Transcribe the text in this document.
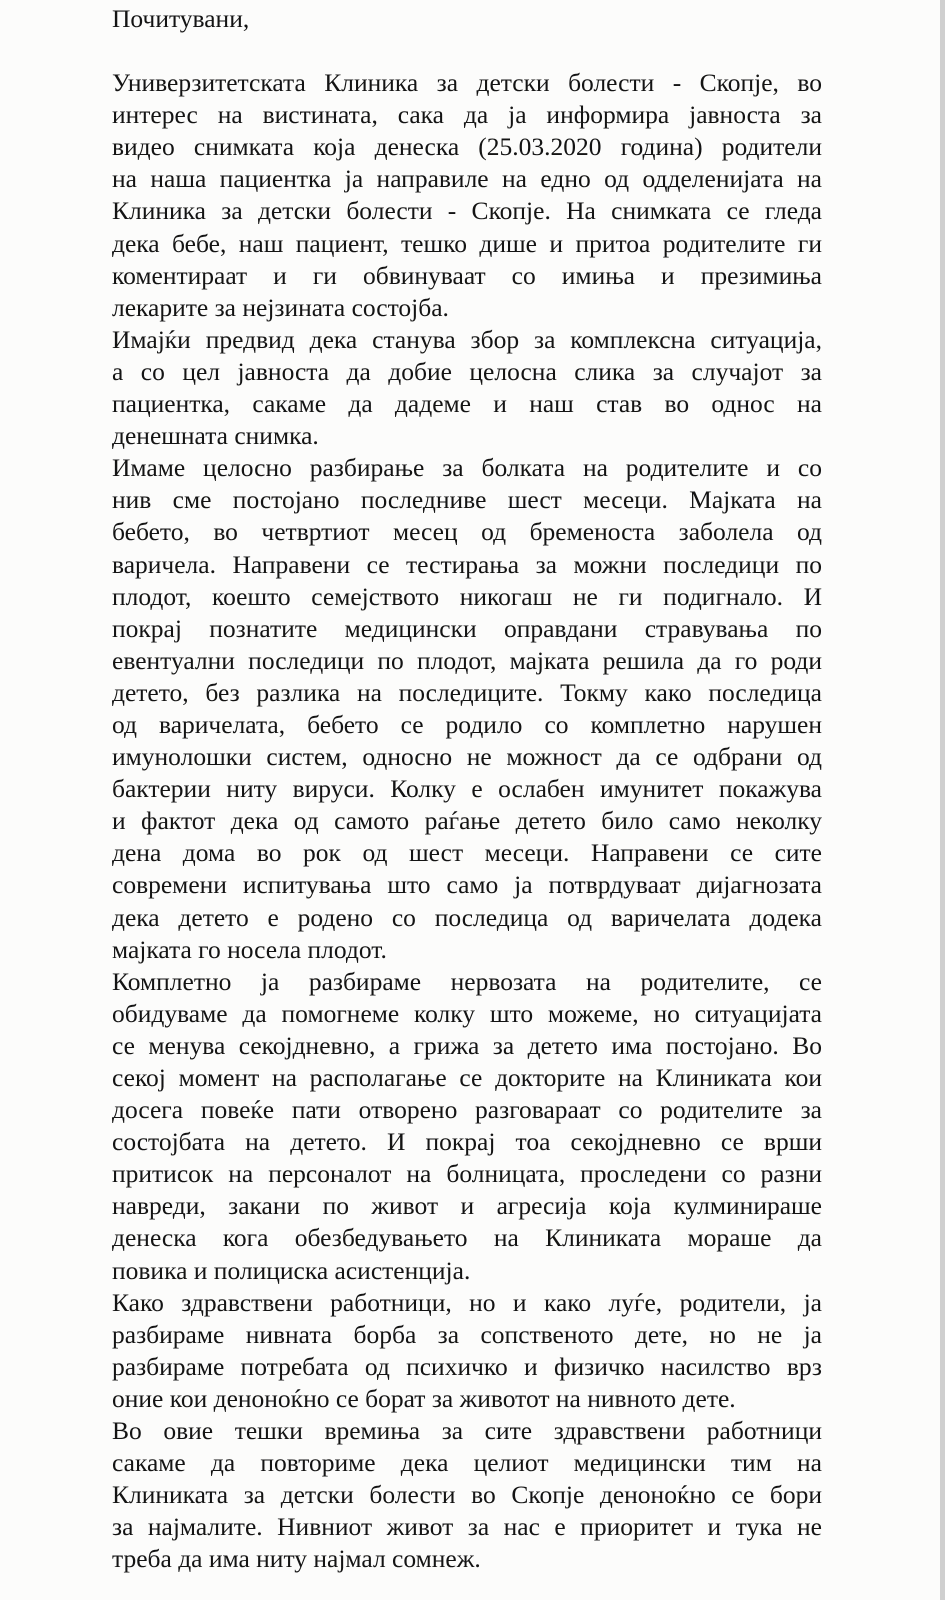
Почитувани,

Универзитетската Клиника за детски болести - Скопје, во
интерес на вистината, сака да ја информира јавноста за
видео снимката која денеска (25.03.2020 година) родители
на наша пациентка ја направиле на едно од одделенијата на
Клиника за детски болести - Скопје. На снимката се гледа
дека бебе, наш пациент, тешко дише и притоа родителите ги
коментираат и ги обвинуваат со имиња и презимиња
лекарите за нејзината состојба.
Имајќи предвид дека станува збор за комплексна ситуација,
а со цел јавноста да добие целосна слика за случајот за
пациентка, сакаме да дадеме и наш став во однос на
денешната снимка.
Имаме целосно разбирање за болката на родителите и со
нив сме постојано последниве шест месеци. Мајката на
бебето, во четвртиот месец од бременоста заболела од
варичела. Направени се тестирања за можни последици по
плодот, коешто семејството никогаш не ги подигнало. И
покрај познатите медицински оправдани стравувања по
евентуални последици по плодот, мајката решила да го роди
детето, без разлика на последиците. Токму како последица
од варичелата, бебето се родило со комплетно нарушен
имунолошки систем, односно не можност да се одбрани од
бактерии ниту вируси. Колку е ослабен имунитет покажува
и фактот дека од самото раѓање детето било само неколку
дена дома во рок од шест месеци. Направени се сите
современи испитувања што само ја потврдуваат дијагнозата
дека детето е родено со последица од варичелата додека
мајката го носела плодот.
Комплетно ја разбираме нервозата на родителите, се
обидуваме да помогнеме колку што можеме, но ситуацијата
се менува секојдневно, а грижа за детето има постојано. Во
секој момент на располагање се докторите на Клиниката кои
досега повеќе пати отворено разговараат со родителите за
состојбата на детето. И покрај тоа секојдневно се врши
притисок на персоналот на болницата, проследени со разни
навреди, закани по живот и агресија која кулминираше
денеска кога обезбедувањето на Клиниката мораше да
повика и полициска асистенција.
Како здравствени работници, но и како луѓе, родители, ја
разбираме нивната борба за сопственото дете, но не ја
разбираме потребата од психичко и физичко насилство врз
оние кои деноноќно се борат за животот на нивното дете.
Во овие тешки времиња за сите здравствени работници
сакаме да повториме дека целиот медицински тим на
Клиниката за детски болести во Скопје деноноќно се бори
за најмалите. Нивниот живот за нас е приоритет и тука не
треба да има ниту најмал сомнеж.
